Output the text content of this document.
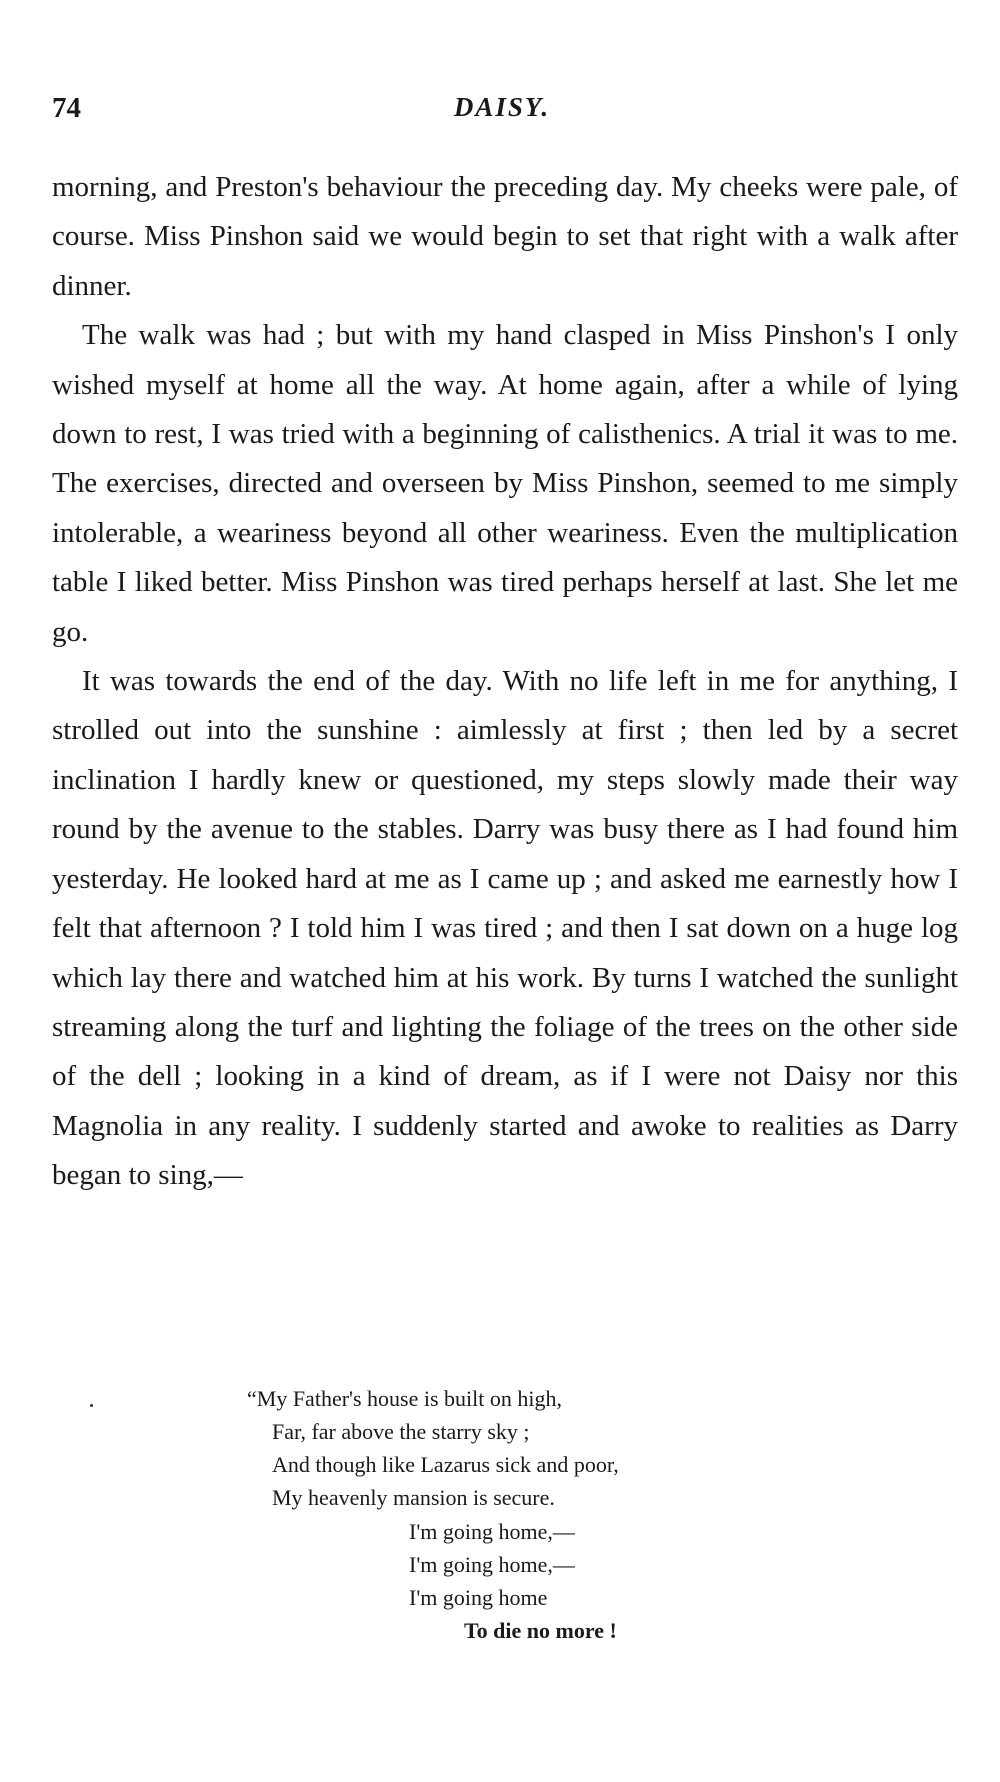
74	DAISY.

morning, and Preston's behaviour the preceding day. My cheeks were pale, of course. Miss Pinshon said we would begin to set that right with a walk after dinner.

The walk was had ; but with my hand clasped in Miss Pinshon's I only wished myself at home all the way. At home again, after a while of lying down to rest, I was tried with a beginning of calisthenics. A trial it was to me. The exercises, directed and overseen by Miss Pinshon, seemed to me simply intolerable, a weariness beyond all other weariness. Even the multiplication table I liked better. Miss Pinshon was tired perhaps herself at last. She let me go.

It was towards the end of the day. With no life left in me for anything, I strolled out into the sunshine : aimlessly at first ; then led by a secret inclination I hardly knew or questioned, my steps slowly made their way round by the avenue to the stables. Darry was busy there as I had found him yesterday. He looked hard at me as I came up ; and asked me earnestly how I felt that afternoon ? I told him I was tired ; and then I sat down on a huge log which lay there and watched him at his work. By turns I watched the sunlight streaming along the turf and lighting the foliage of the trees on the other side of the dell ; looking in a kind of dream, as if I were not Daisy nor this Magnolia in any reality. I suddenly started and awoke to realities as Darry began to sing,—

“My Father's house is built on high,
Far, far above the starry sky ;
And though like Lazarus sick and poor,
My heavenly mansion is secure.
I'm going home,—
I'm going home,—
I'm going home
To die no more !
